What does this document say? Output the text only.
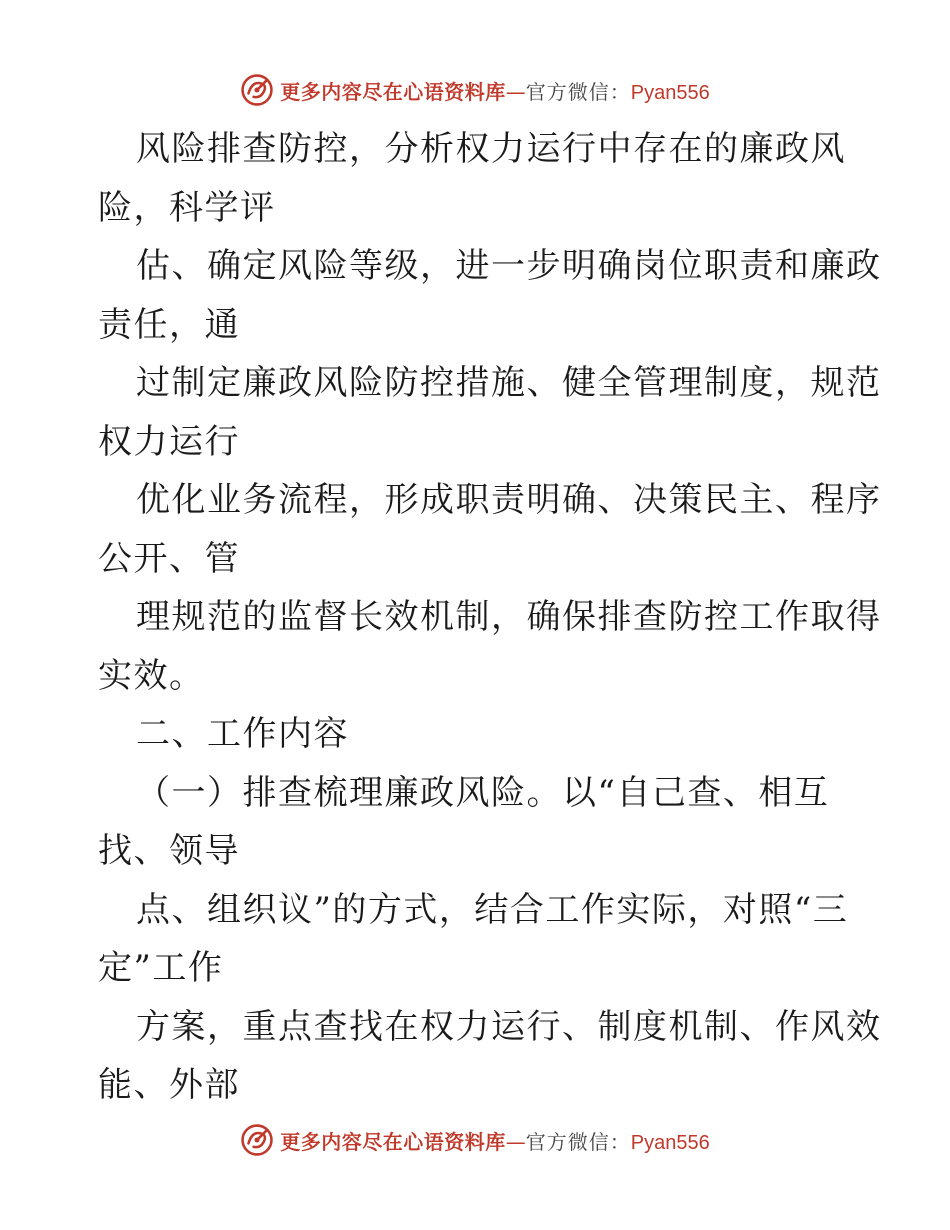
更多内容尽在心语资料库 — 官方微信： Pyan556
风险排查防控，分析权力运行中存在的廉政风
险，科学评
估、确定风险等级，进一步明确岗位职责和廉政
责任，通
过制定廉政风险防控措施、健全管理制度，规范
权力运行
优化业务流程，形成职责明确、决策民主、程序
公开、管
理规范的监督长效机制，确保排查防控工作取得
实效。
二、工作内容
（一）排查梳理廉政风险。以“自己查、相互
找、领导
点、组织议”的方式，结合工作实际，对照“三
定”工作
方案，重点查找在权力运行、制度机制、作风效
能、外部
更多内容尽在心语资料库 — 官方微信： Pyan556
